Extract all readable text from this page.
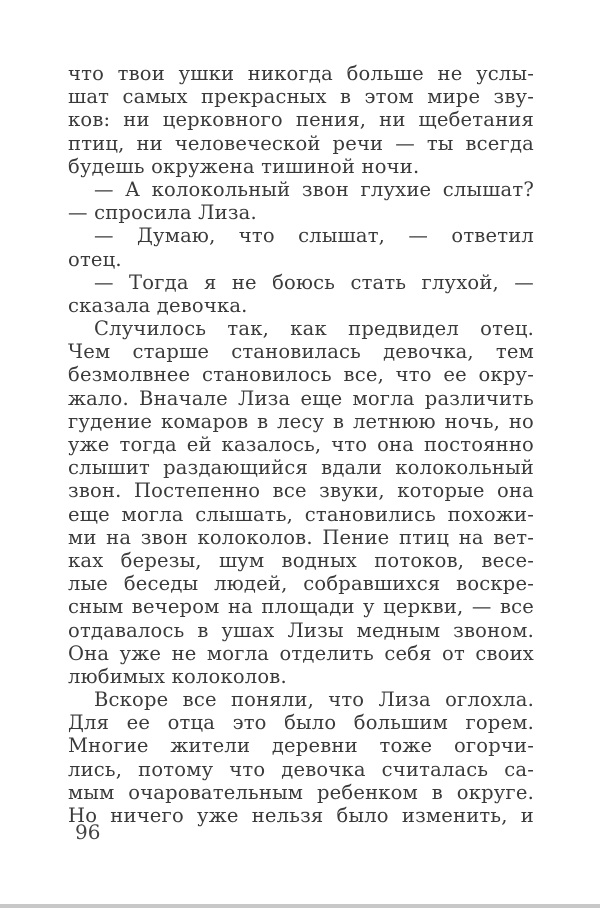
что твои ушки никогда больше не услы-
шат самых прекрасных в этом мире зву-
ков: ни церковного пения, ни щебетания
птиц, ни человеческой речи — ты всегда
будешь окружена тишиной ночи.
— А колокольный звон глухие слышат?
— спросила Лиза.
— Думаю, что слышат, — ответил
отец.
— Тогда я не боюсь стать глухой, —
сказала девочка.
Случилось так, как предвидел отец.
Чем старше становилась девочка, тем
безмолвнее становилось все, что ее окру-
жало. Вначале Лиза еще могла различить
гудение комаров в лесу в летнюю ночь, но
уже тогда ей казалось, что она постоянно
слышит раздающийся вдали колокольный
звон. Постепенно все звуки, которые она
еще могла слышать, становились похожи-
ми на звон колоколов. Пение птиц на вет-
ках березы, шум водных потоков, весе-
лые беседы людей, собравшихся воскре-
сным вечером на площади у церкви, — все
отдавалось в ушах Лизы медным звоном.
Она уже не могла отделить себя от своих
любимых колоколов.
Вскоре все поняли, что Лиза оглохла.
Для ее отца это было большим горем.
Многие жители деревни тоже огорчи-
лись, потому что девочка считалась са-
мым очаровательным ребенком в округе.
Но ничего уже нельзя было изменить, и
96
